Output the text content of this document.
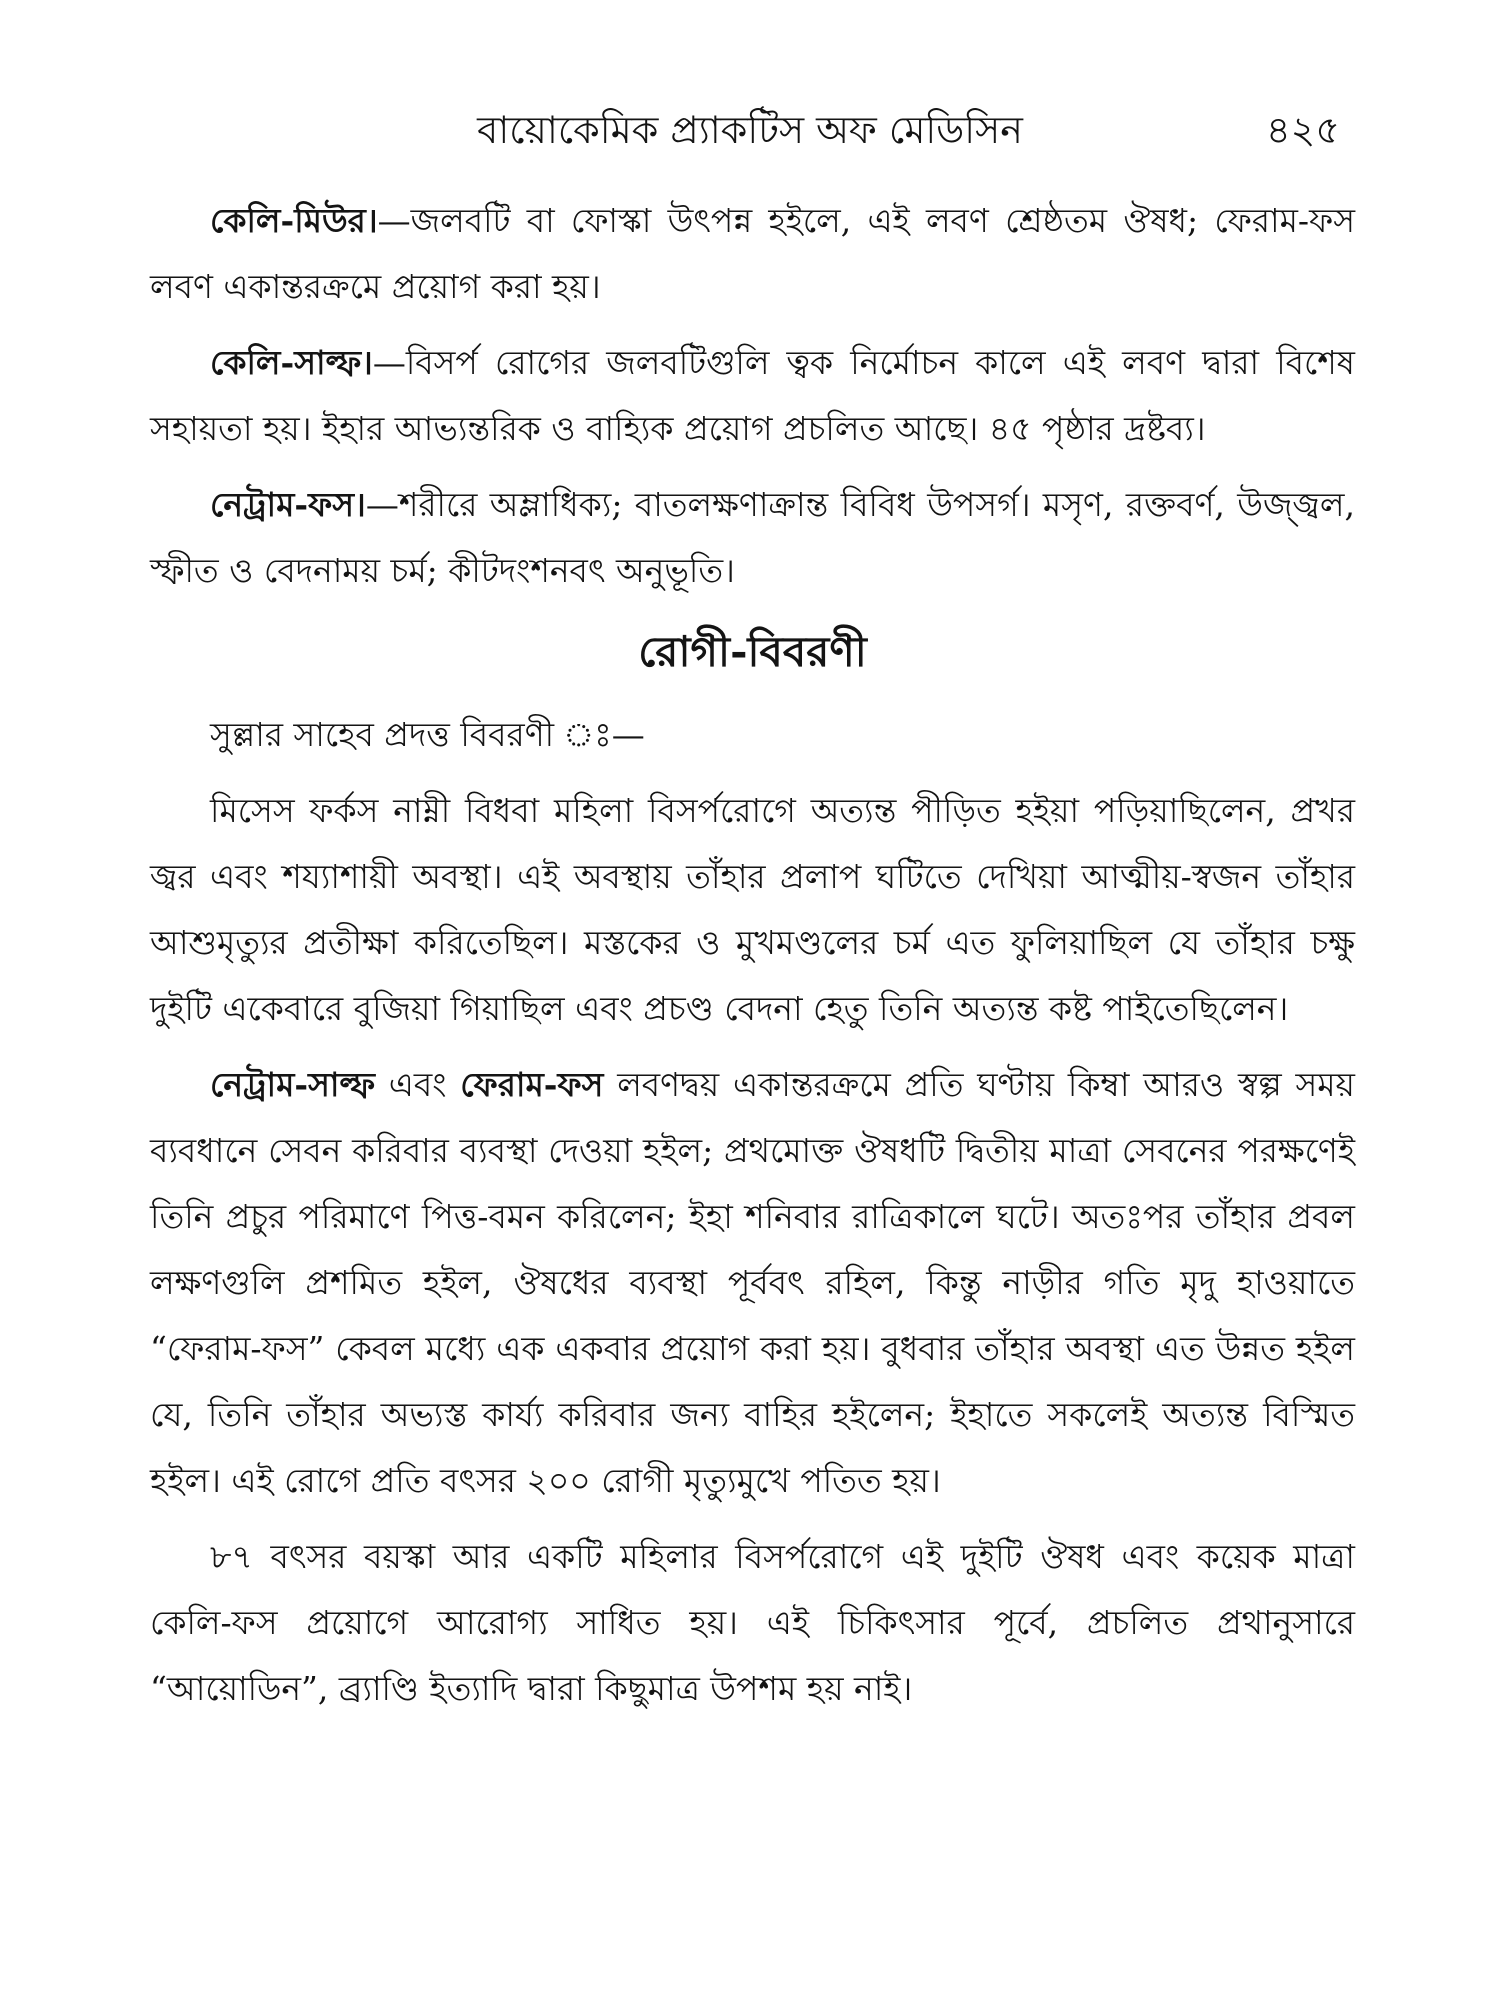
বায়োকেমিক প্র্যাকটিস অফ মেডিসিন	৪২৫

কেলি-মিউর।—জলবটি বা ফোস্কা উৎপন্ন হইলে, এই লবণ শ্রেষ্ঠতম ঔষধ; ফেরাম-ফস লবণ একান্তরক্রমে প্রয়োগ করা হয়।

কেলি-সাল্ফ।—বিসর্প রোগের জলবটিগুলি ত্বক নির্মোচন কালে এই লবণ দ্বারা বিশেষ সহায়তা হয়। ইহার আভ্যন্তরিক ও বাহ্যিক প্রয়োগ প্রচলিত আছে। ৪৫ পৃষ্ঠার দ্রষ্টব্য।

নেট্রাম-ফস।—শরীরে অম্লাধিক্য; বাতলক্ষণাক্রান্ত বিবিধ উপসর্গ। মসৃণ, রক্তবর্ণ, উজ্জ্বল, স্ফীত ও বেদনাময় চর্ম; কীটদংশনবৎ অনুভূতি।

রোগী-বিবরণী

সুল্লার সাহেব প্রদত্ত বিবরণী ঃ—

মিসেস ফর্কস নাম্নী বিধবা মহিলা বিসর্পরোগে অত্যন্ত পীড়িত হইয়া পড়িয়াছিলেন, প্রখর জ্বর এবং শয্যাশায়ী অবস্থা। এই অবস্থায় তাঁহার প্রলাপ ঘটিতে দেখিয়া আত্মীয়-স্বজন তাঁহার আশুমৃত্যুর প্রতীক্ষা করিতেছিল। মস্তকের ও মুখমণ্ডলের চর্ম এত ফুলিয়াছিল যে তাঁহার চক্ষু দুইটি একেবারে বুজিয়া গিয়াছিল এবং প্রচণ্ড বেদনা হেতু তিনি অত্যন্ত কষ্ট পাইতেছিলেন।

নেট্রাম-সাল্ফ এবং ফেরাম-ফস লবণদ্বয় একান্তরক্রমে প্রতি ঘণ্টায় কিম্বা আরও স্বল্প সময় ব্যবধানে সেবন করিবার ব্যবস্থা দেওয়া হইল; প্রথমোক্ত ঔষধটি দ্বিতীয় মাত্রা সেবনের পরক্ষণেই তিনি প্রচুর পরিমাণে পিত্ত-বমন করিলেন; ইহা শনিবার রাত্রিকালে ঘটে। অতঃপর তাঁহার প্রবল লক্ষণগুলি প্রশমিত হইল, ঔষধের ব্যবস্থা পূর্ববৎ রহিল, কিন্তু নাড়ীর গতি মৃদু হাওয়াতে “ফেরাম-ফস” কেবল মধ্যে এক একবার প্রয়োগ করা হয়। বুধবার তাঁহার অবস্থা এত উন্নত হইল যে, তিনি তাঁহার অভ্যস্ত কার্য্য করিবার জন্য বাহির হইলেন; ইহাতে সকলেই অত্যন্ত বিস্মিত হইল। এই রোগে প্রতি বৎসর ২০০ রোগী মৃত্যুমুখে পতিত হয়।

৮৭ বৎসর বয়স্কা আর একটি মহিলার বিসর্পরোগে এই দুইটি ঔষধ এবং কয়েক মাত্রা কেলি-ফস প্রয়োগে আরোগ্য সাধিত হয়। এই চিকিৎসার পূর্বে, প্রচলিত প্রথানুসারে “আয়োডিন”, ব্র্যাণ্ডি ইত্যাদি দ্বারা কিছুমাত্র উপশম হয় নাই।
